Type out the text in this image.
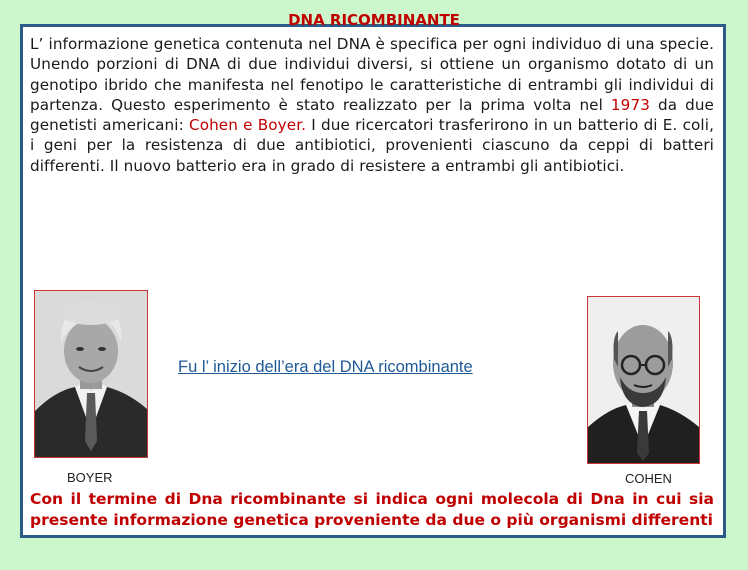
DNA RICOMBINANTE
L’ informazione genetica contenuta nel DNA è specifica per ogni individuo di una specie. Unendo porzioni di DNA di due individui diversi, si ottiene un organismo dotato di un genotipo ibrido che manifesta nel fenotipo le caratteristiche di entrambi gli individui di partenza. Questo esperimento è stato realizzato per la prima volta nel 1973 da due genetisti americani: Cohen e Boyer. I due ricercatori trasferirono in un batterio di E. coli, i geni per la resistenza di due antibiotici, provenienti ciascuno da ceppi di batteri differenti. Il nuovo batterio era in grado di resistere a entrambi gli antibiotici.
BOYER	COHEN
Fu l’ inizio dell’era del DNA ricombinante
Con il termine di Dna ricombinante si indica ogni molecola di Dna in cui sia presente informazione genetica proveniente da due o più organismi differenti
